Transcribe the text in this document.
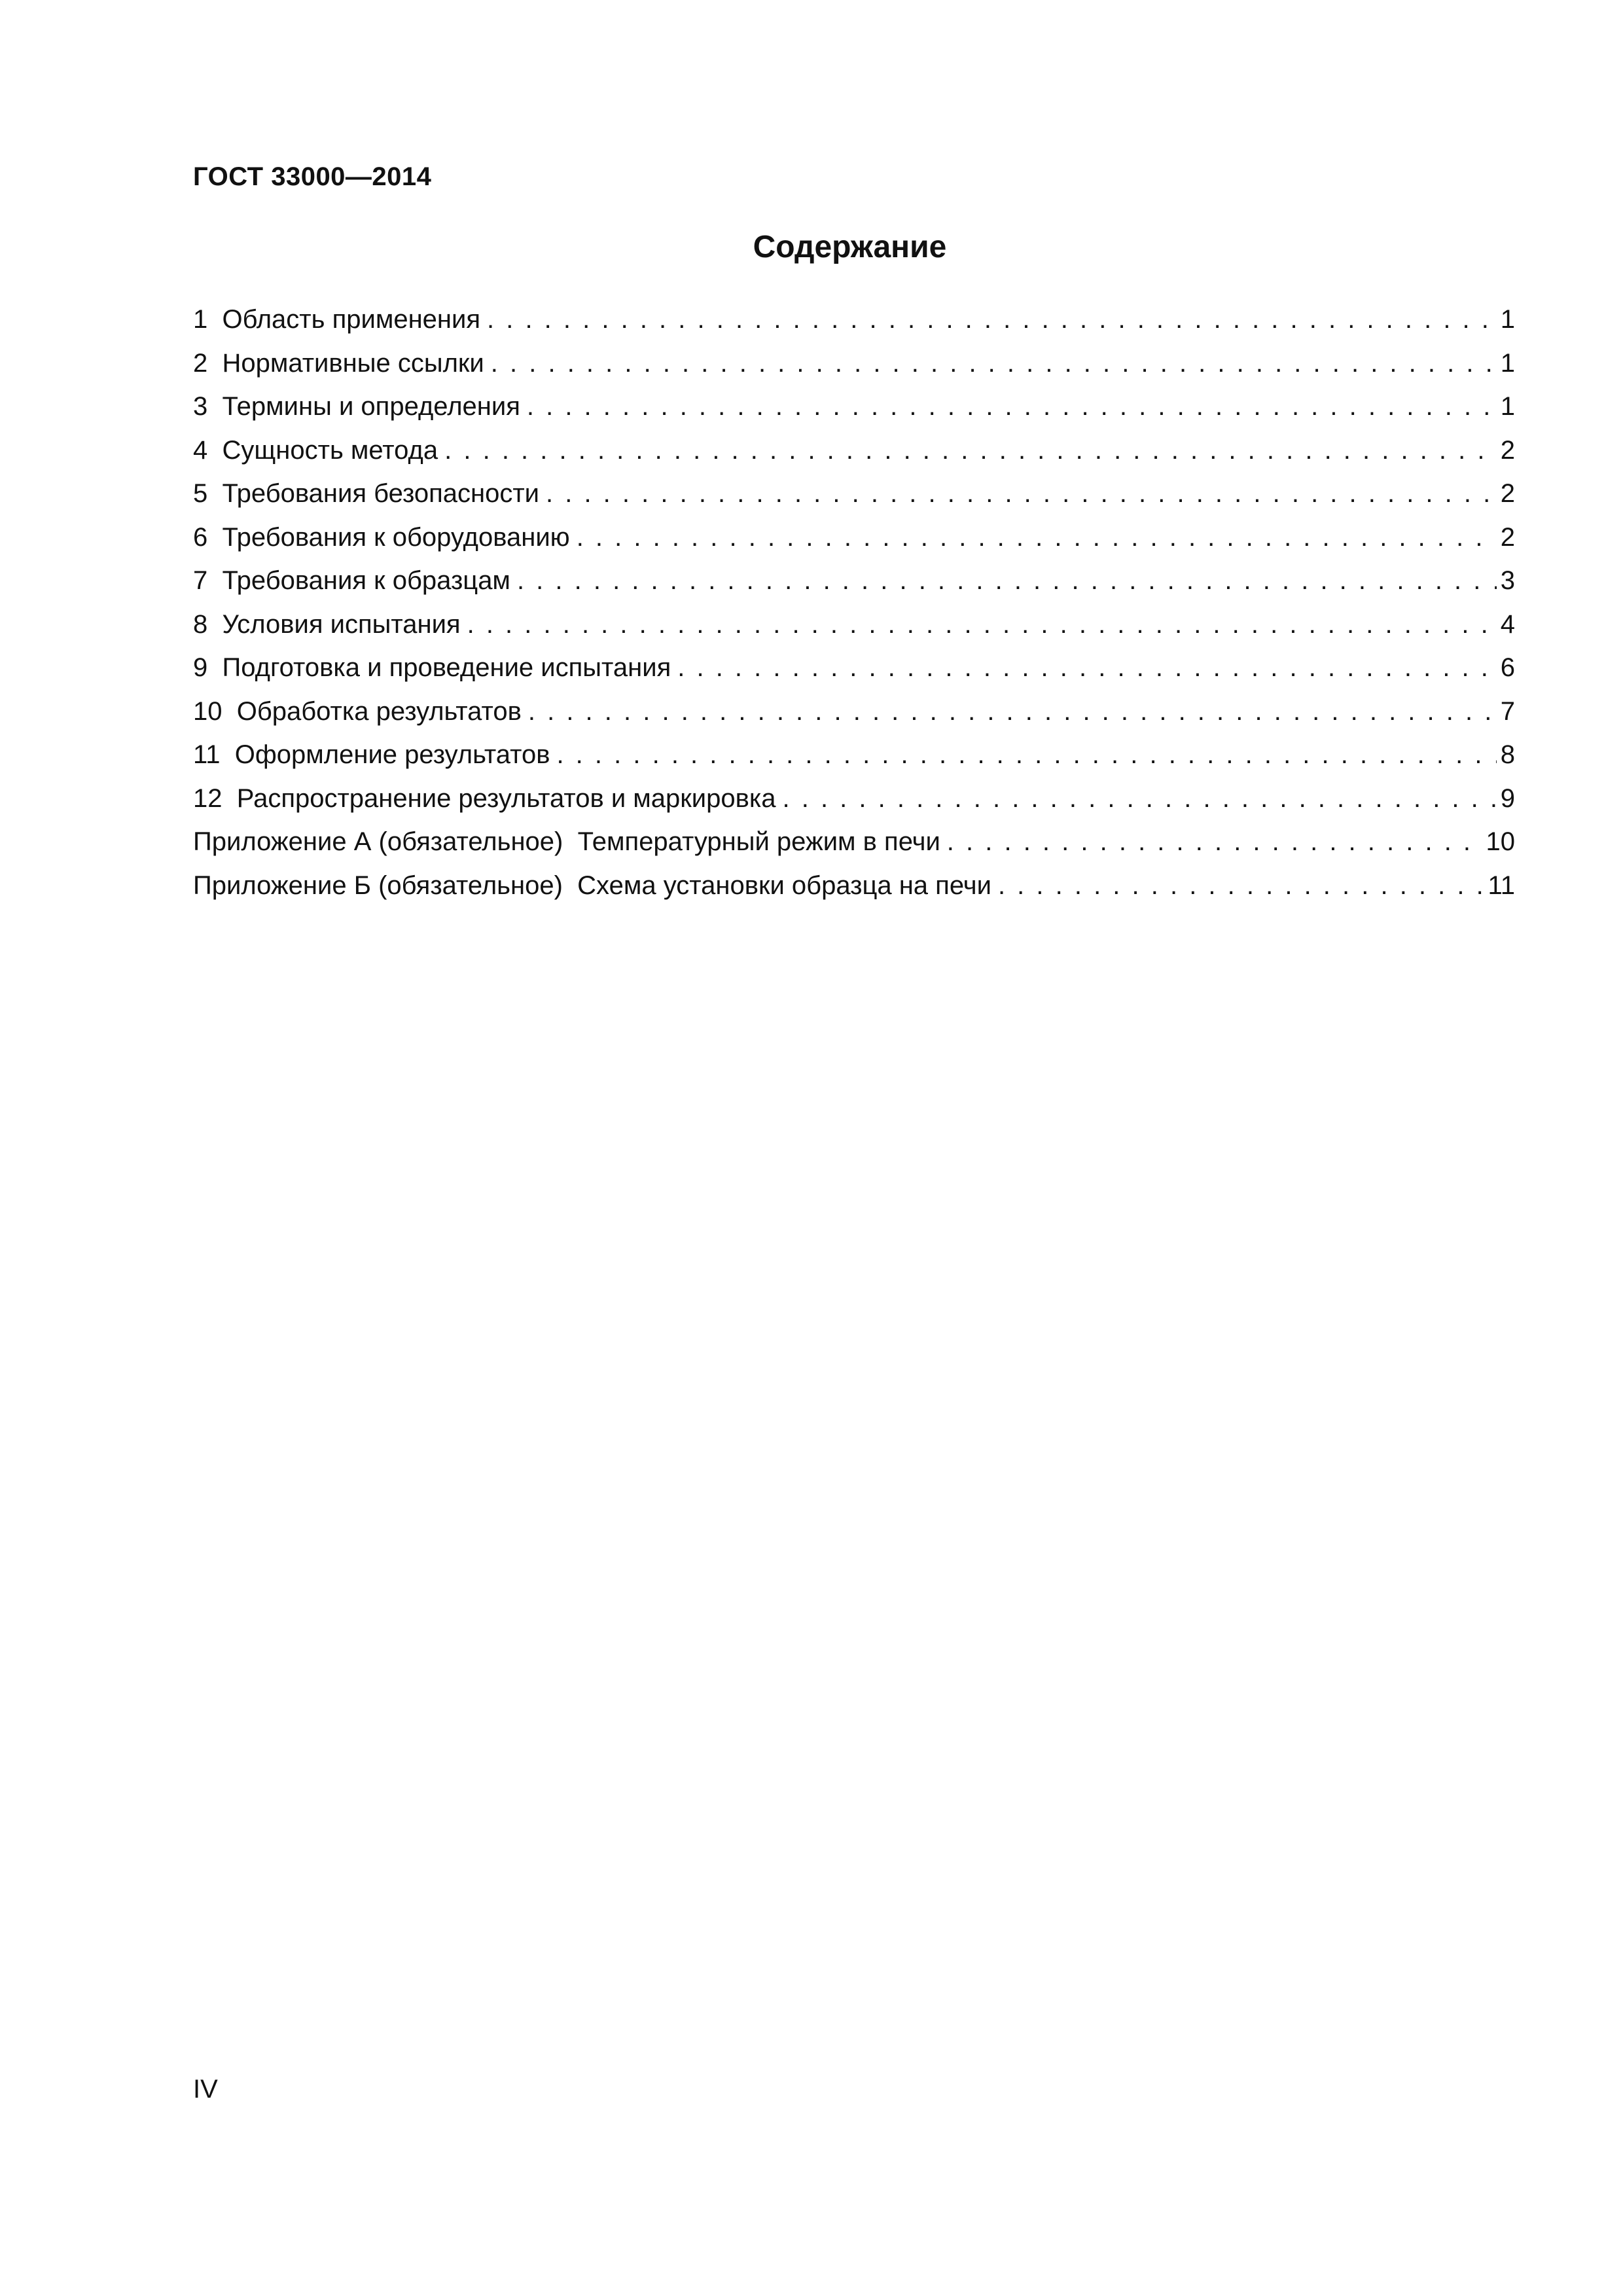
ГОСТ 33000—2014
Содержание
1 Область применения . . .	1
2 Нормативные ссылки . . .	1
3 Термины и определения . . .	1
4 Сущность метода . . .	2
5 Требования безопасности . . .	2
6 Требования к оборудованию . . .	2
7 Требования к образцам . . .	3
8 Условия испытания . . .	4
9 Подготовка и проведение испытания . . .	6
10 Обработка результатов . . .	7
11 Оформление результатов . . .	8
12 Распространение результатов и маркировка . . .	9
Приложение А (обязательное) Температурный режим в печи . . .	10
Приложение Б (обязательное) Схема установки образца на печи . . .	11
IV
